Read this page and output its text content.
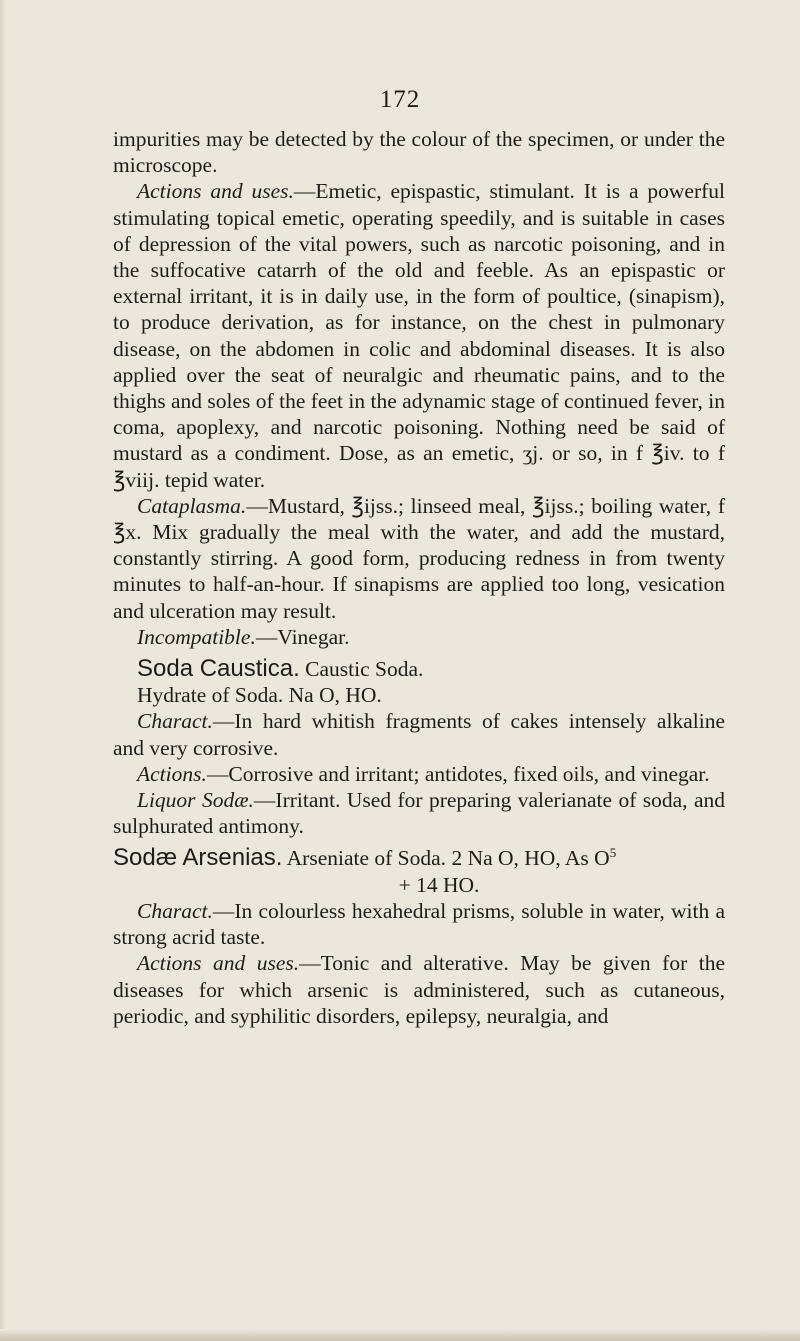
172

impurities may be detected by the colour of the specimen, or under the microscope.

Actions and uses.—Emetic, epispastic, stimulant. It is a powerful stimulating topical emetic, operating speedily, and is suitable in cases of depression of the vital powers, such as narcotic poisoning, and in the suffocative catarrh of the old and feeble. As an epispastic or external irritant, it is in daily use, in the form of poultice, (sinapism), to produce derivation, as for instance, on the chest in pulmonary disease, on the abdomen in colic and abdominal diseases. It is also applied over the seat of neuralgic and rheumatic pains, and to the thighs and soles of the feet in the adynamic stage of continued fever, in coma, apoplexy, and narcotic poisoning. Nothing need be said of mustard as a condiment. Dose, as an emetic, ʒj. or so, in f ℥iv. to f ℥viij. tepid water.

Cataplasma.—Mustard, ℥ijss.; linseed meal, ℥ijss.; boiling water, f ℥x. Mix gradually the meal with the water, and add the mustard, constantly stirring. A good form, producing redness in from twenty minutes to half-an-hour. If sinapisms are applied too long, vesication and ulceration may result.

Incompatible.—Vinegar.

Soda Caustica. Caustic Soda.

Hydrate of Soda. Na O, HO.

Charact.—In hard whitish fragments of cakes intensely alkaline and very corrosive.

Actions.—Corrosive and irritant; antidotes, fixed oils, and vinegar.

Liquor Sodæ.—Irritant. Used for preparing valerianate of soda, and sulphurated antimony.

Sodæ Arsenias. Arseniate of Soda. 2 Na O, HO, As $O^5$

+ 14 HO.

Charact.—In colourless hexahedral prisms, soluble in water, with a strong acrid taste.

Actions and uses.—Tonic and alterative. May be given for the diseases for which arsenic is administered, such as cutaneous, periodic, and syphilitic disorders, epilepsy, neuralgia, and
